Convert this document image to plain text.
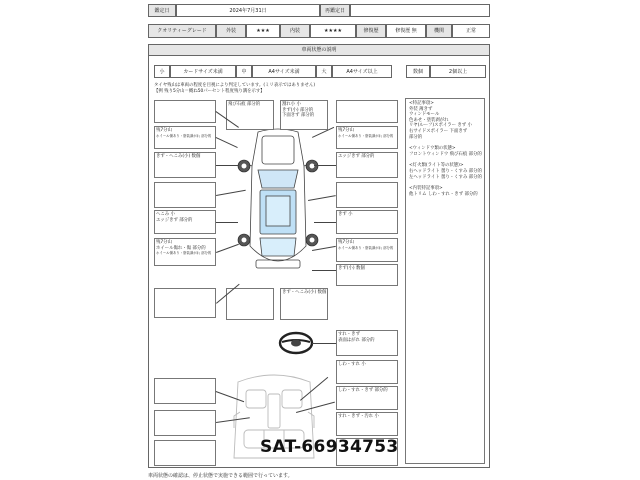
鑑定日	2024年7月31日	再鑑定日
クオリティーグレード	外装	★★★	内装	★★★★	修復歴	修復歴 無	機関	正常
車両状態の説明
小	カードサイズ未満	中	A4サイズ未満	大	A4サイズ以上	数個	2個以上
タイヤ残山は車両の程度を目視により判定しています。(ミリ表示ではありません)
【例 残り5分山＝概ね50パーセント程度残り溝を示す】
残7分山
ホイール傷あり・塗装剥がれ 部分的
きず・へこみ(小) 数個
へこみ 小
エッジきず 部分的
残7分山
ホイール傷れ・傷 部分的
ホイール傷あり・塗装剥がれ 部分的
飛び石痕 部分的	割れ小 小
きず(小) 部分的
下面きず 部分的
残7分山
ホイール傷あり・塗装剥がれ 部分的
エッジきず 部分的
きず 小
残7分山
ホイール傷あり・塗装剥がれ 部分的
きず(小) 数個
きず・へこみ(小) 数個
すれ・きず
表面はがれ 部分的
しわ・すれ 小
しわ・すれ・きず 部分的
すれ・きず・汚れ 小
<特記事項>
外装 薄きず
ウィンドモール
色あせ・塗装剥がれ
リヤ(ルーフ)スポイラー きず 小
右サイドスポイラー 下面きず
部分的
<ウィンドウ類の状態>
フロントウィンドウ 飛び石痕 部分的
<灯火類(ライト等の状態)>
右ヘッドライト 曇り・くすみ 部分的
左ヘッドライト 曇り・くすみ 部分的
<内装特記事項>
他トリム しわ・すれ・きず 部分的
SAT-66934753
車両状態の確認は、停止状態で実施できる範囲で行っています。
